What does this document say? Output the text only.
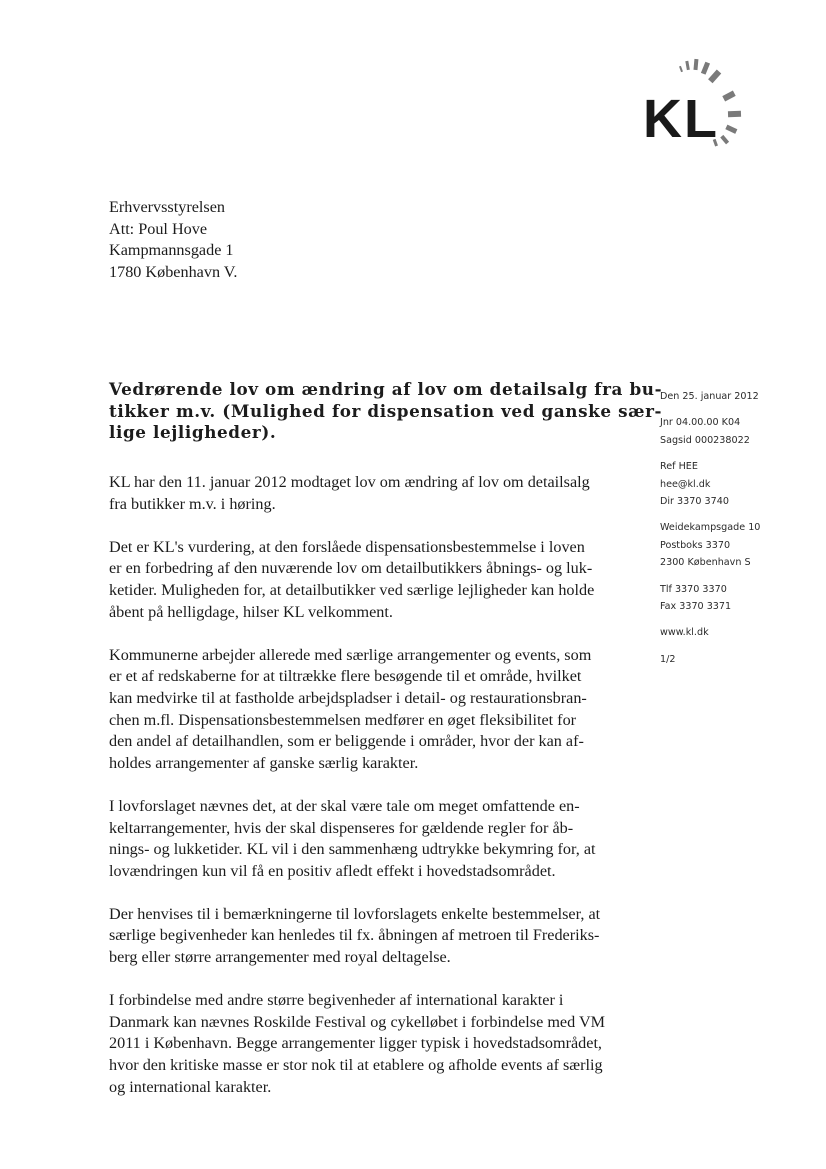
KL
Erhvervsstyrelsen
Att: Poul Hove
Kampmannsgade 1
1780 København V.
Vedrørende lov om ændring af lov om detailsalg fra bu-
tikker m.v. (Mulighed for dispensation ved ganske sær-
lige lejligheder).
KL har den 11. januar 2012 modtaget lov om ændring af lov om detailsalg
fra butikker m.v. i høring.
Det er KL's vurdering, at den forslåede dispensationsbestemmelse i loven
er en forbedring af den nuværende lov om detailbutikkers åbnings- og luk-
ketider. Muligheden for, at detailbutikker ved særlige lejligheder kan holde
åbent på helligdage, hilser KL velkomment.
Kommunerne arbejder allerede med særlige arrangementer og events, som
er et af redskaberne for at tiltrække flere besøgende til et område, hvilket
kan medvirke til at fastholde arbejdspladser i detail- og restaurationsbran-
chen m.fl. Dispensationsbestemmelsen medfører en øget fleksibilitet for
den andel af detailhandlen, som er beliggende i områder, hvor der kan af-
holdes arrangementer af ganske særlig karakter.
I lovforslaget nævnes det, at der skal være tale om meget omfattende en-
keltarrangementer, hvis der skal dispenseres for gældende regler for åb-
nings- og lukketider. KL vil i den sammenhæng udtrykke bekymring for, at
lovændringen kun vil få en positiv afledt effekt i hovedstadsområdet.
Der henvises til i bemærkningerne til lovforslagets enkelte bestemmelser, at
særlige begivenheder kan henledes til fx. åbningen af metroen til Frederiks-
berg eller større arrangementer med royal deltagelse.
I forbindelse med andre større begivenheder af international karakter i
Danmark kan nævnes Roskilde Festival og cykelløbet i forbindelse med VM
2011 i København. Begge arrangementer ligger typisk i hovedstadsområdet,
hvor den kritiske masse er stor nok til at etablere og afholde events af særlig
og international karakter.
Den 25. januar 2012
Jnr 04.00.00 K04
Sagsid 000238022
Ref HEE
hee@kl.dk
Dir 3370 3740
Weidekampsgade 10
Postboks 3370
2300 København S
Tlf 3370 3370
Fax 3370 3371
www.kl.dk
1/2
